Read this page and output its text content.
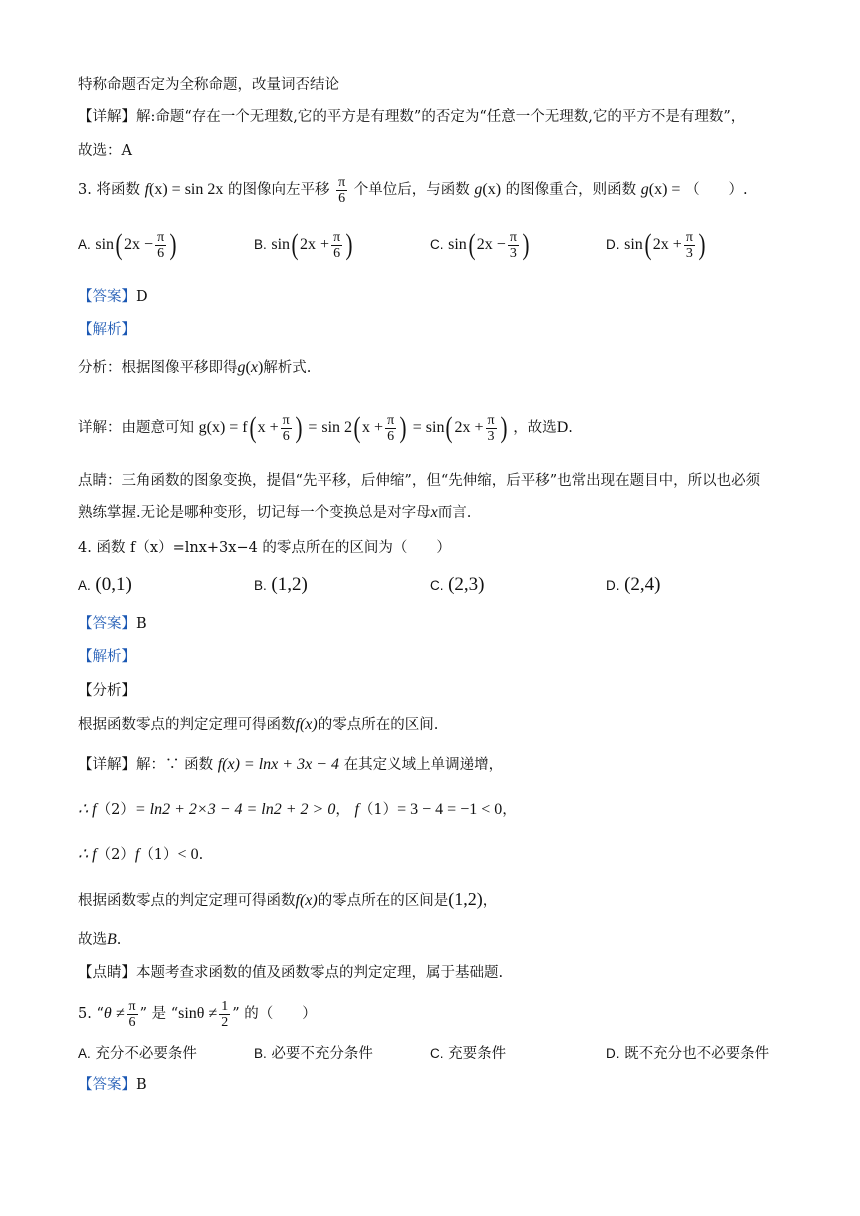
特称命题否定为全称命题，改量词否结论
【详解】解:命题“存在一个无理数,它的平方是有理数”的否定为“任意一个无理数,它的平方不是有理数”，
故选：A
3. 将函数 f(x) = sin 2x 的图像向左平移 $\frac{\pi}{6}$ 个单位后，与函数 g(x) 的图像重合，则函数 g(x) = （　　）.
A. $\sin(2x - \frac{\pi}{6}$ )	B. $\sin(2x + \frac{\pi}{6}$ )	C. $\sin(2x - \frac{\pi}{3}$ )	D. $\sin(2x + \frac{\pi}{3}$ )
【答案】D
【解析】
分析：根据图像平移即得g(x)解析式.
详解：由题意可知 $g(x) = f(x + \frac{\pi}{6}$ ) = $\sin 2(x + \frac{\pi}{6}$ ) = $\sin(2x + \frac{\pi}{3}$ ) ，故选D.
点睛：三角函数的图象变换，提倡“先平移，后伸缩”，但“先伸缩，后平移”也常出现在题目中，所以也必须
熟练掌握.无论是哪种变形，切记每一个变换总是对字母x而言.
4. 函数 f（x）=lnx+3x−4 的零点所在的区间为（　　）
A. (0,1)	B. (1,2)	C. (2,3)	D. (2,4)
【答案】B
【解析】
【分析】
根据函数零点的判定定理可得函数f(x)的零点所在的区间.
【详解】解：∵ 函数 f(x) = lnx + 3x − 4 在其定义域上单调递增，
∴ f（2）= ln2 + 2×3 − 4 = ln2 + 2 > 0， f（1）= 3 − 4 = −1 < 0，
∴ f（2）f（1）< 0.
根据函数零点的判定定理可得函数f(x)的零点所在的区间是(1,2)，
故选B.
【点睛】本题考查求函数的值及函数零点的判定定理，属于基础题.
5. “$\theta \ne \frac{\pi}{6}$ ” 是 “$\sin\theta \ne \frac{1}{2}$ ” 的（　　）
A. 充分不必要条件	B. 必要不充分条件	C. 充要条件	D. 既不充分也不必要条件
【答案】B
